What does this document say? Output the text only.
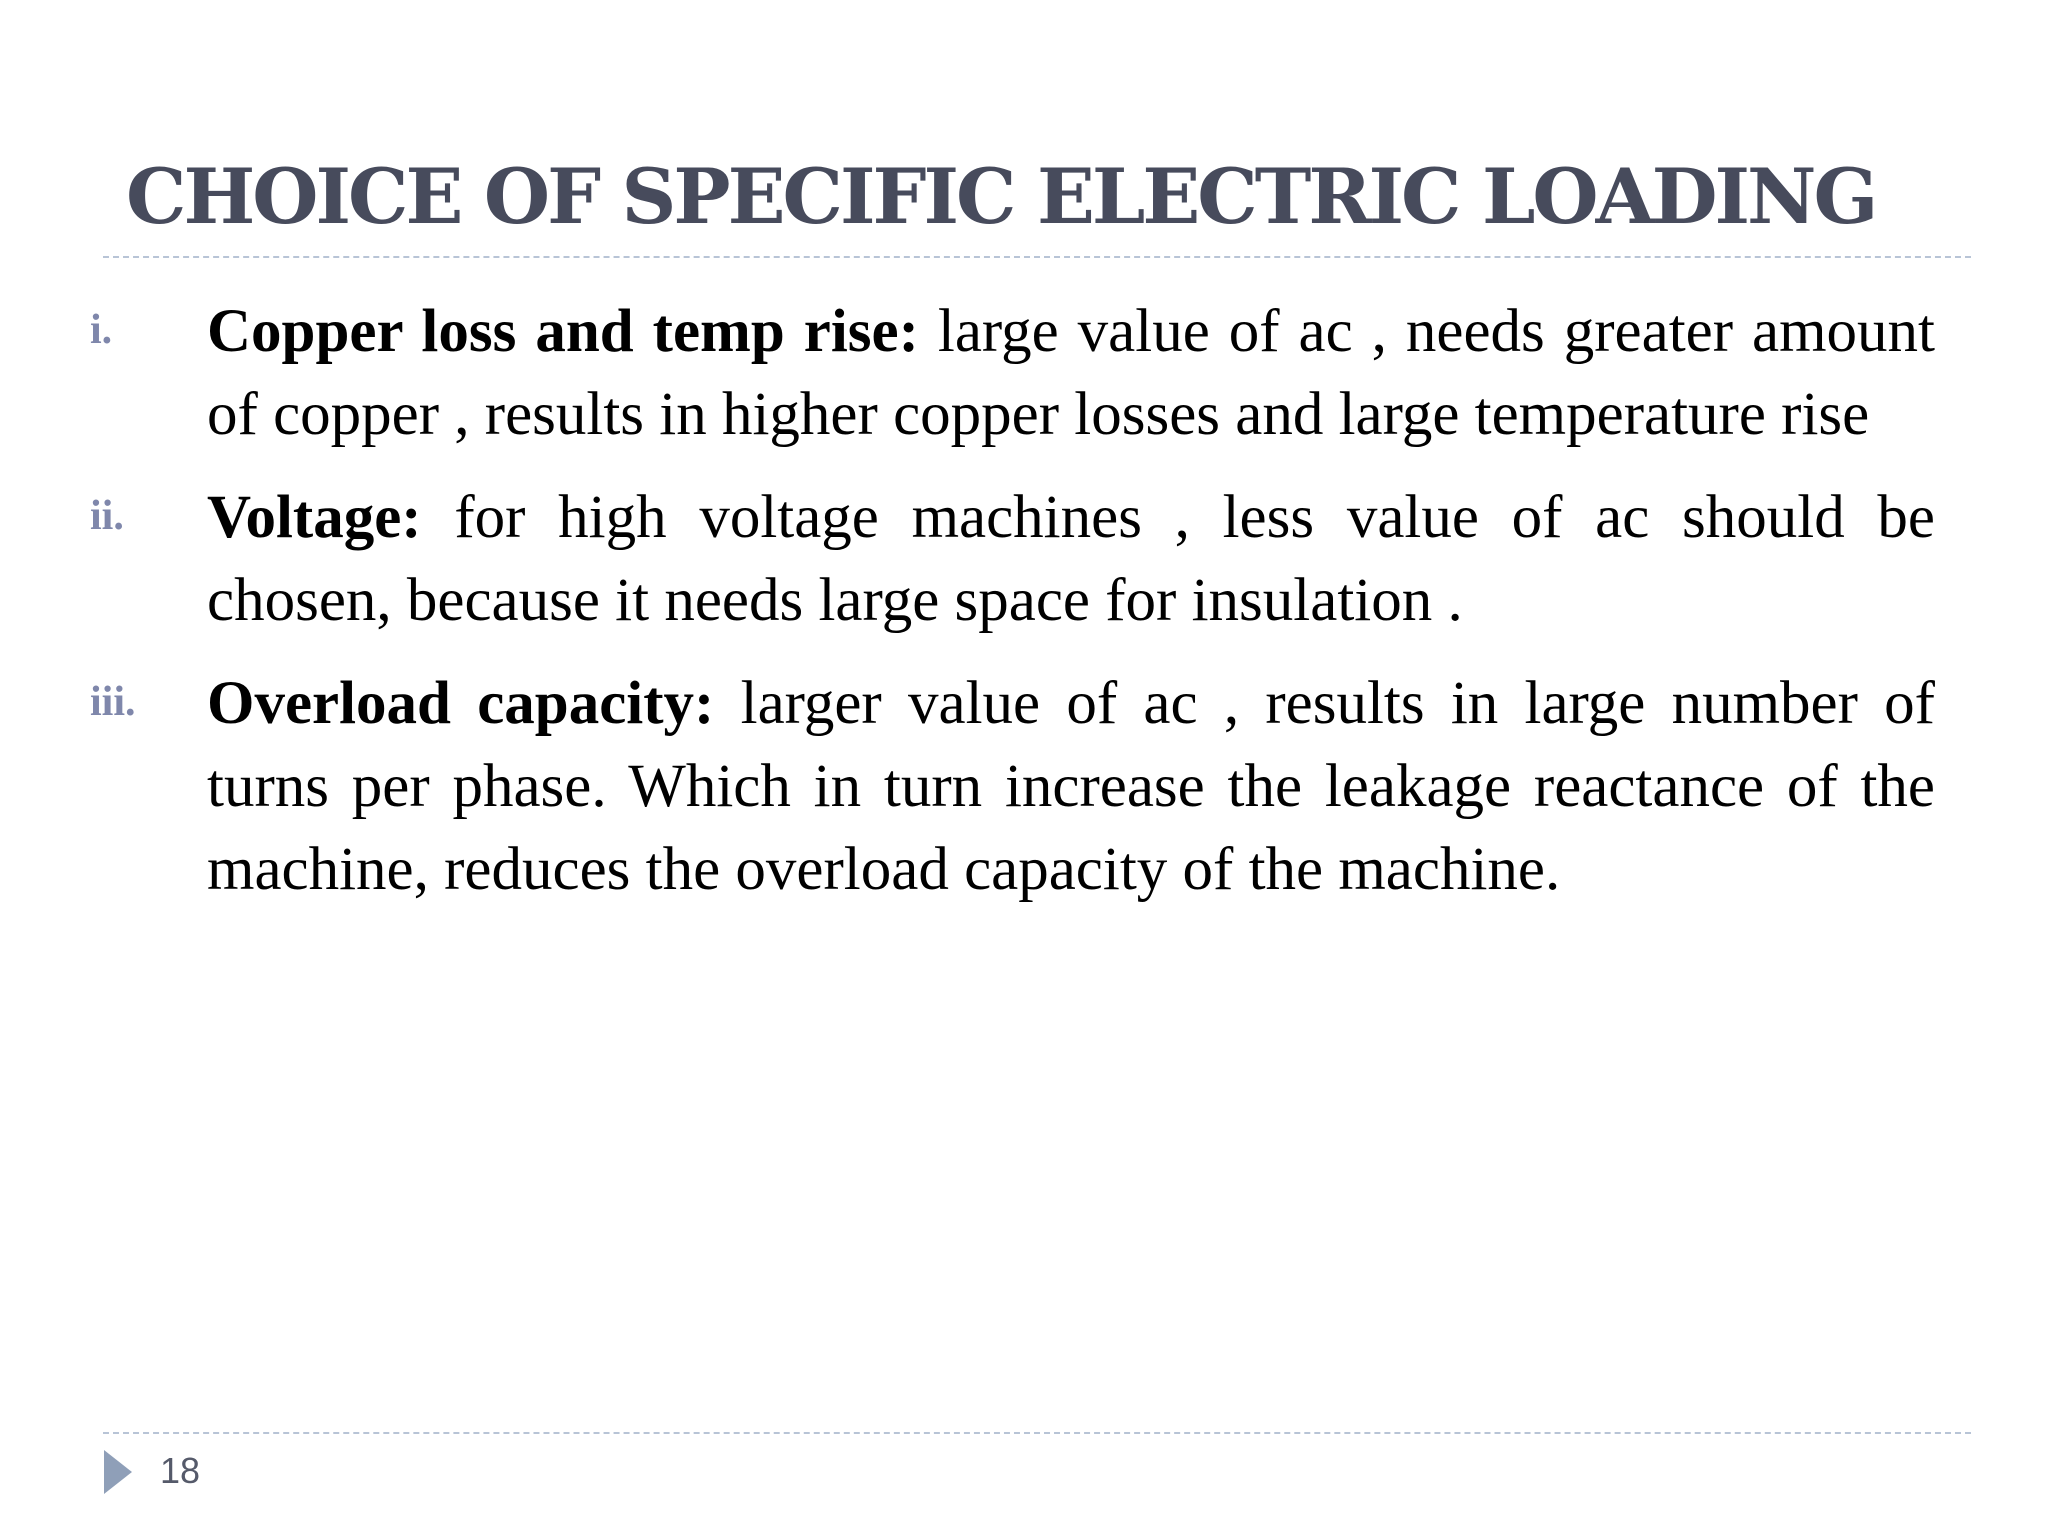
CHOICE OF SPECIFIC ELECTRIC LOADING
i. Copper loss and temp rise: large value of ac , needs greater amount of copper , results in higher copper losses and large temperature rise

ii. Voltage: for high voltage machines , less value of ac should be chosen, because it needs large space for insulation .

iii. Overload capacity: larger value of ac , results in large number of turns per phase. Which in turn increase the leakage reactance of the machine, reduces the overload capacity of the machine.

18
